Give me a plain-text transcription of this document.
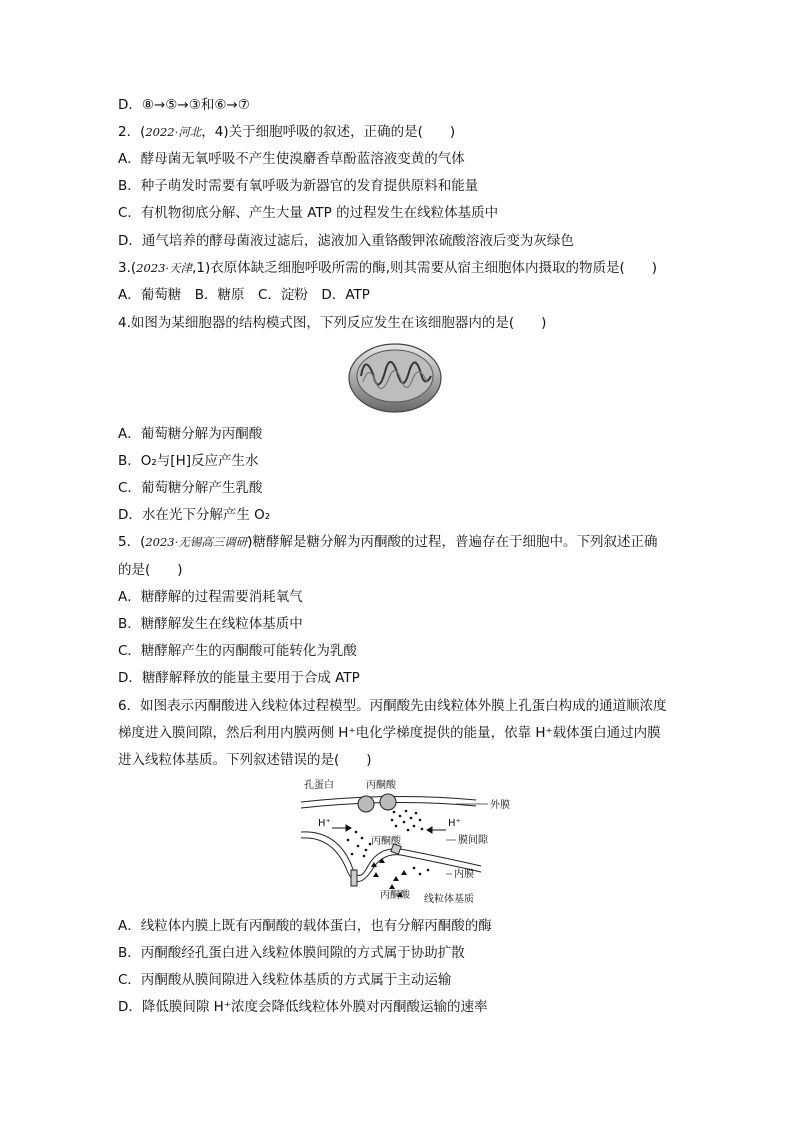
D．⑧→⑤→③和⑥→⑦
2．(2022·河北，4)关于细胞呼吸的叙述，正确的是(　　)
A．酵母菌无氧呼吸不产生使溴麝香草酚蓝溶液变黄的气体
B．种子萌发时需要有氧呼吸为新器官的发育提供原料和能量
C．有机物彻底分解、产生大量 ATP 的过程发生在线粒体基质中
D．通气培养的酵母菌液过滤后，滤液加入重铬酸钾浓硫酸溶液后变为灰绿色
3.(2023·天津,1)衣原体缺乏细胞呼吸所需的酶,则其需要从宿主细胞体内摄取的物质是(　　)
A．葡萄糖　B．糖原　C．淀粉　D．ATP
4.如图为某细胞器的结构模式图，下列反应发生在该细胞器内的是(　　)
A．葡萄糖分解为丙酮酸
B．O₂与[H]反应产生水
C．葡萄糖分解产生乳酸
D．水在光下分解产生 O₂
5．(2023·无锡高三调研)糖酵解是糖分解为丙酮酸的过程，普遍存在于细胞中。下列叙述正确
的是(　　)
A．糖酵解的过程需要消耗氧气
B．糖酵解发生在线粒体基质中
C．糖酵解产生的丙酮酸可能转化为乳酸
D．糖酵解释放的能量主要用于合成 ATP
6．如图表示丙酮酸进入线粒体过程模型。丙酮酸先由线粒体外膜上孔蛋白构成的通道顺浓度
梯度进入膜间隙，然后利用内膜两侧 H⁺电化学梯度提供的能量，依靠 H⁺载体蛋白通过内膜
进入线粒体基质。下列叙述错误的是(　　)
孔蛋白	丙酮酸
外膜
H⁺	H⁺
膜间隙
丙酮酸
内膜
丙酮酸 线粒体基质
A．线粒体内膜上既有丙酮酸的载体蛋白，也有分解丙酮酸的酶
B．丙酮酸经孔蛋白进入线粒体膜间隙的方式属于协助扩散
C．丙酮酸从膜间隙进入线粒体基质的方式属于主动运输
D．降低膜间隙 H⁺浓度会降低线粒体外膜对丙酮酸运输的速率
